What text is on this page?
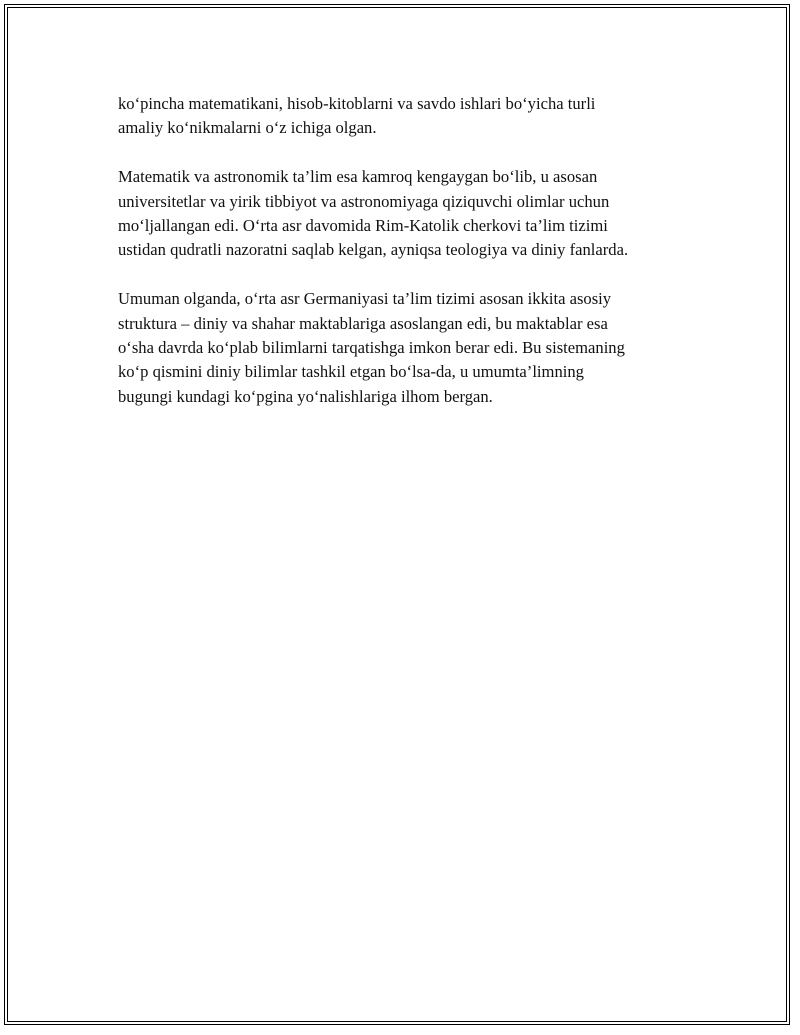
ko‘pincha matematikani, hisob-kitoblarni va savdo ishlari bo‘yicha turli
amaliy ko‘nikmalarni o‘z ichiga olgan.

Matematik va astronomik ta’lim esa kamroq kengaygan bo‘lib, u asosan
universitetlar va yirik tibbiyot va astronomiyaga qiziquvchi olimlar uchun
mo‘ljallangan edi. O‘rta asr davomida Rim-Katolik cherkovi ta’lim tizimi
ustidan qudratli nazoratni saqlab kelgan, ayniqsa teologiya va diniy fanlarda.

Umuman olganda, o‘rta asr Germaniyasi ta’lim tizimi asosan ikkita asosiy
struktura – diniy va shahar maktablariga asoslangan edi, bu maktablar esa
o‘sha davrda ko‘plab bilimlarni tarqatishga imkon berar edi. Bu sistemaning
ko‘p qismini diniy bilimlar tashkil etgan bo‘lsa-da, u umumta’limning
bugungi kundagi ko‘pgina yo‘nalishlariga ilhom bergan.
